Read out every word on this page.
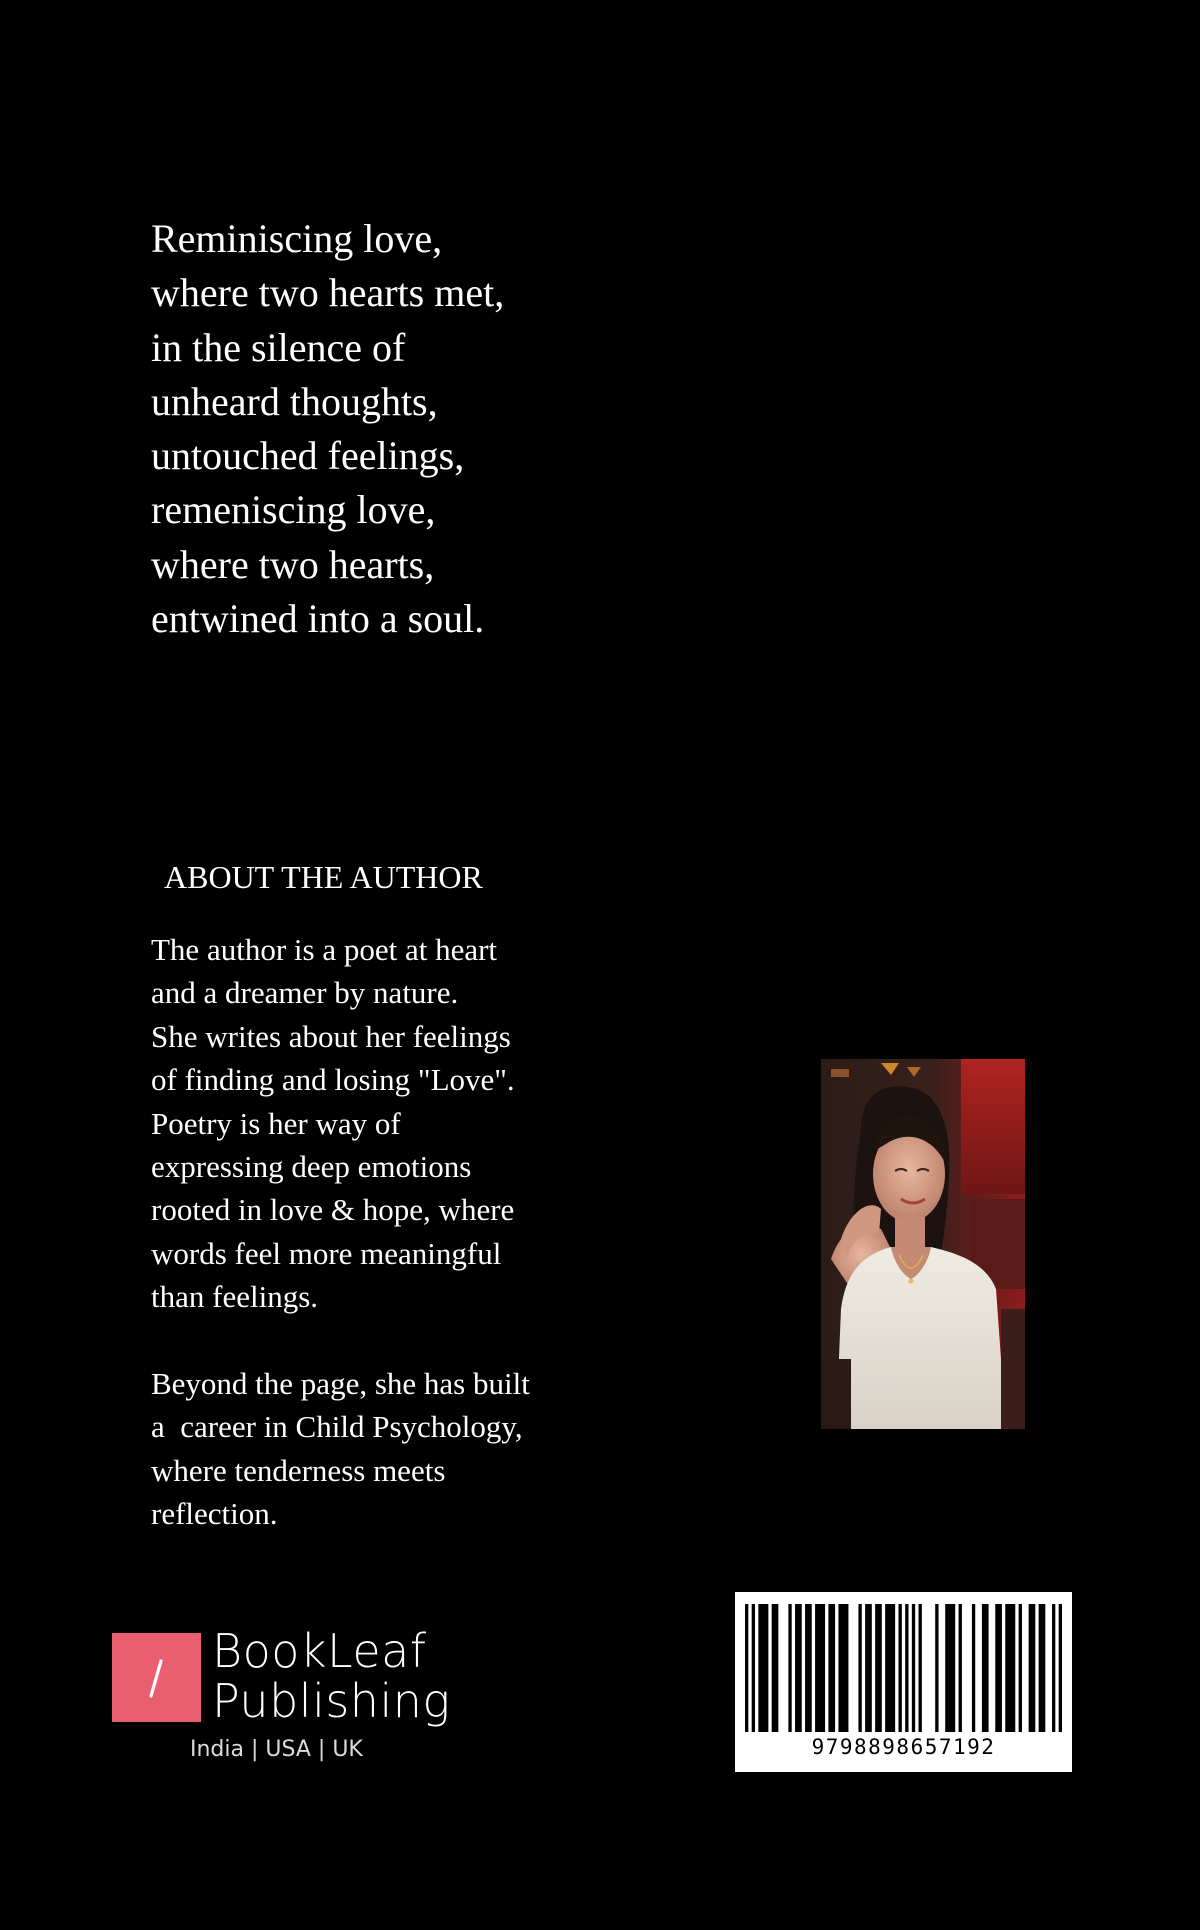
Reminiscing love,
where two hearts met,
in the silence of
unheard thoughts,
untouched feelings,
remeniscing love,
where two hearts,
entwined into a soul.
ABOUT THE AUTHOR
The author is a poet at heart
and a dreamer by nature.
She writes about her feelings
of finding and losing "Love".
Poetry is her way of
expressing deep emotions
rooted in love & hope, where
words feel more meaningful
than feelings.
Beyond the page, she has built
a  career in Child Psychology,
where tenderness meets
reflection.
BookLeaf
Publishing
India | USA | UK	9798898657192
